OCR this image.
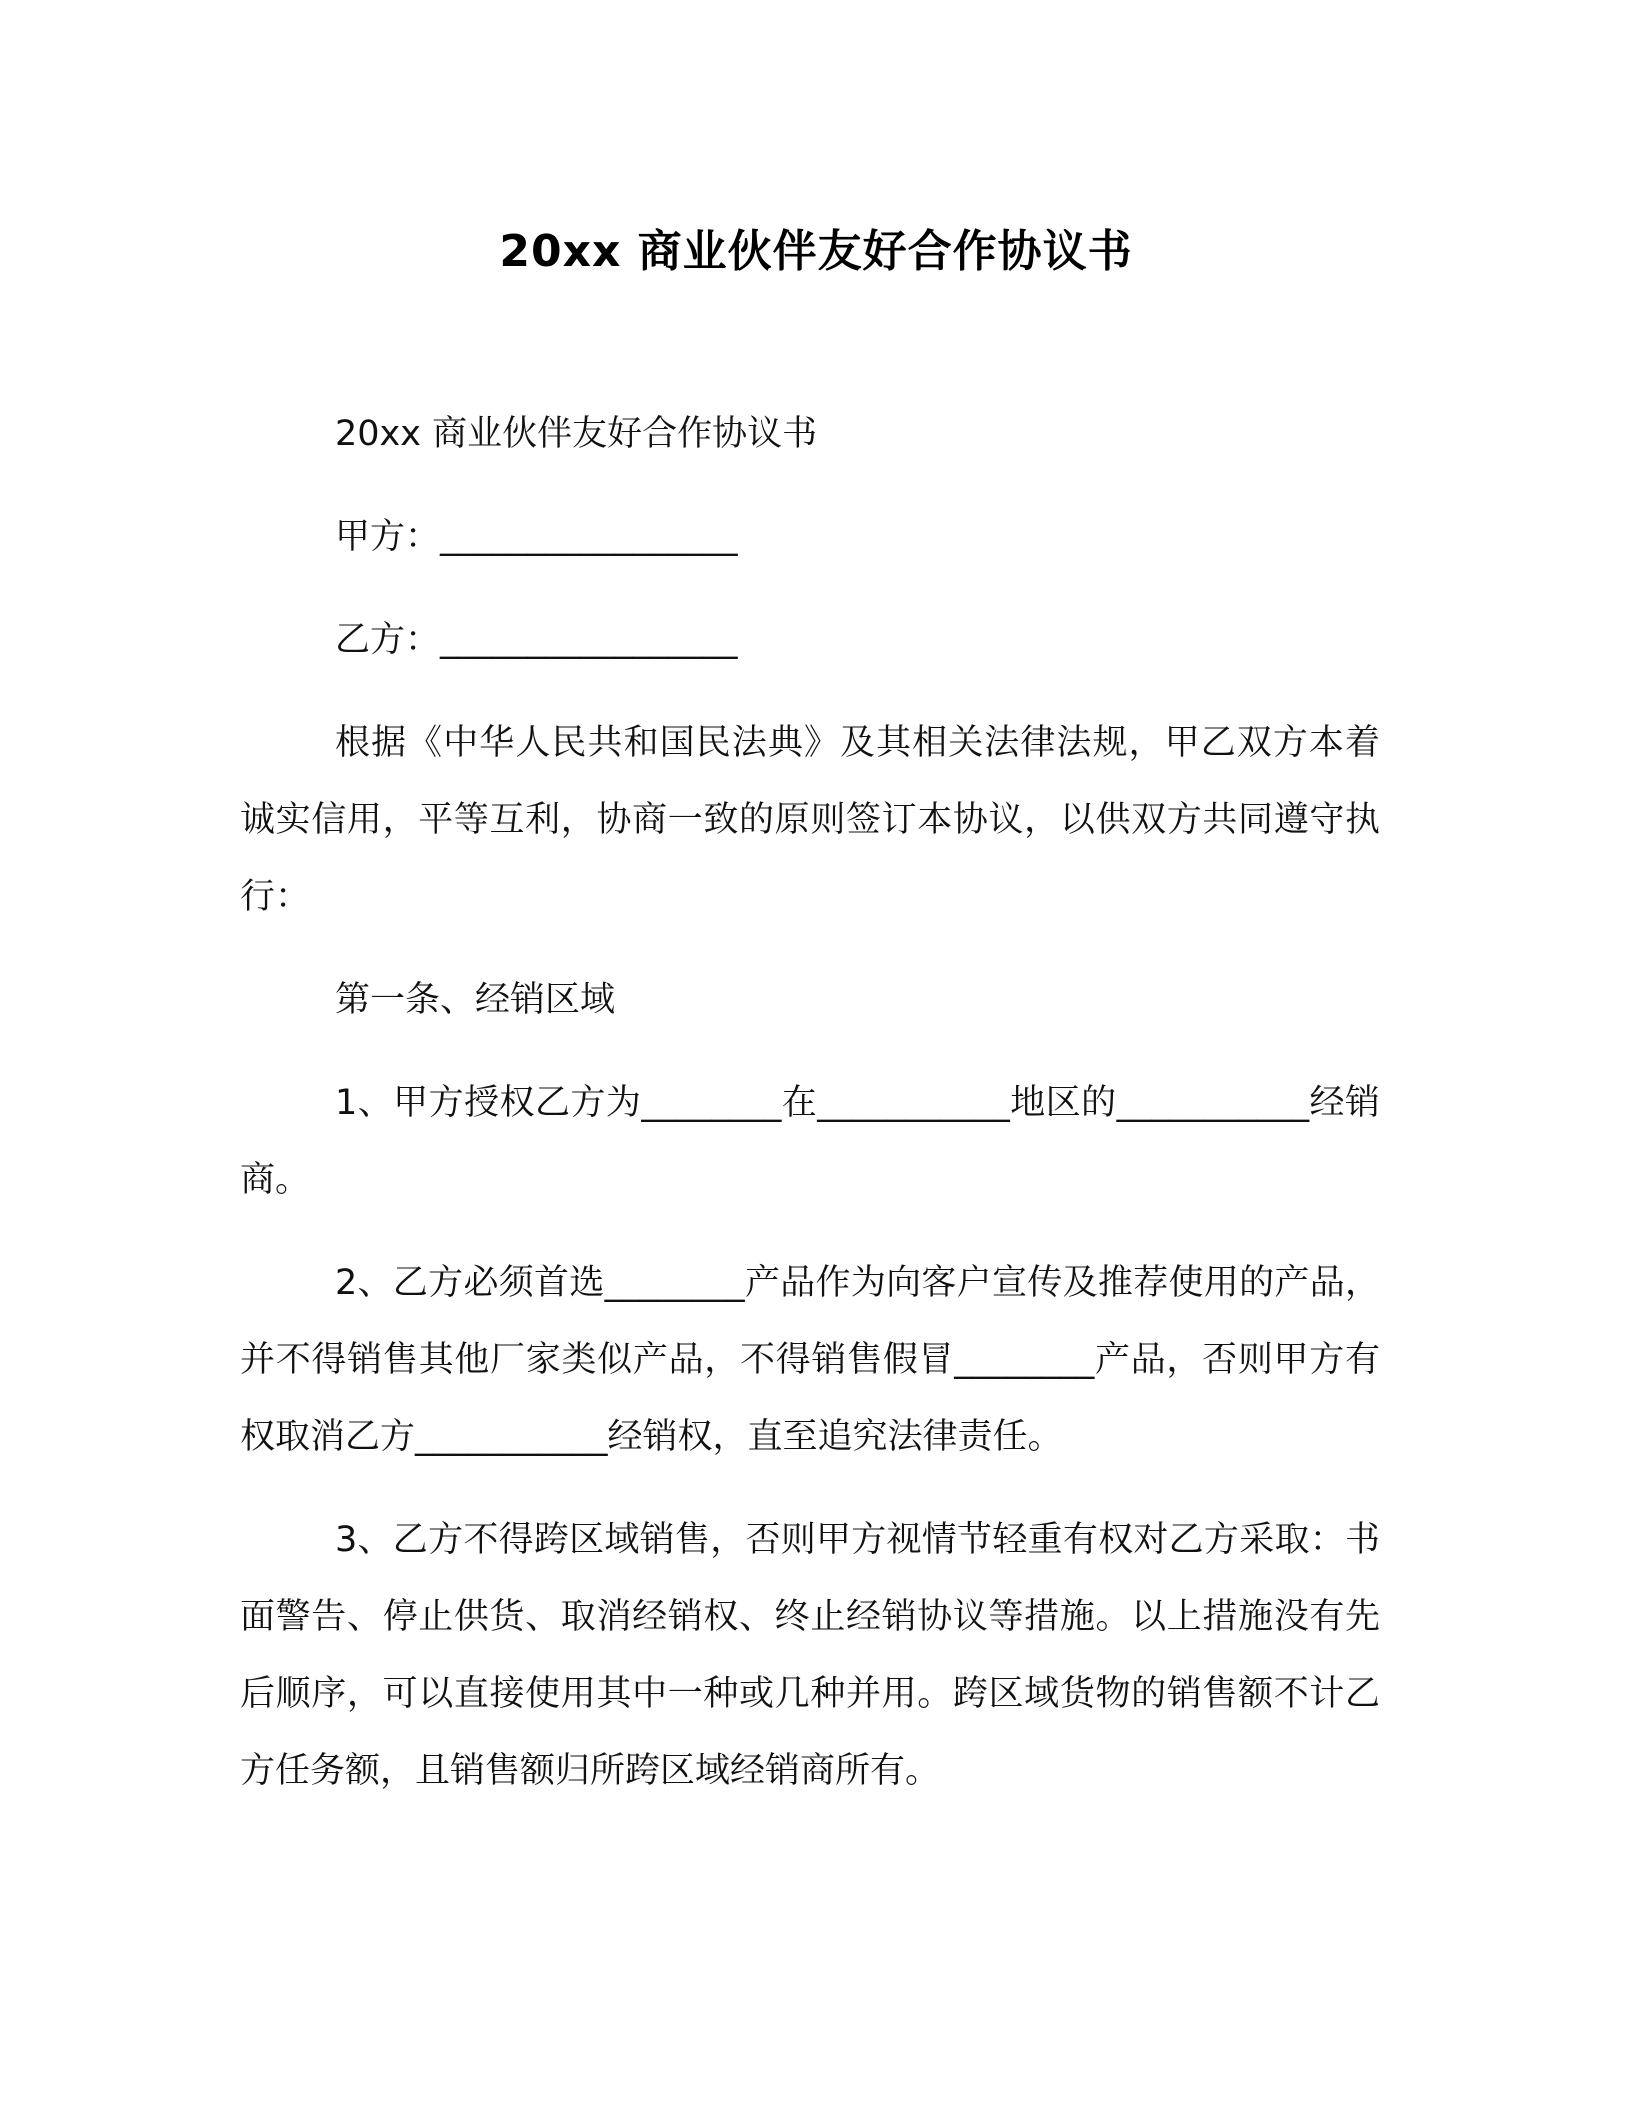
20xx 商业伙伴友好合作协议书

20xx 商业伙伴友好合作协议书

甲方：_________________

乙方：_________________

根据《中华人民共和国民法典》及其相关法律法规，甲乙双方本着诚实信用，平等互利，协商一致的原则签订本协议，以供双方共同遵守执行：

第一条、经销区域

1、甲方授权乙方为________在___________地区的___________经销商。

2、乙方必须首选________产品作为向客户宣传及推荐使用的产品，并不得销售其他厂家类似产品，不得销售假冒________产品，否则甲方有权取消乙方___________经销权，直至追究法律责任。

3、乙方不得跨区域销售，否则甲方视情节轻重有权对乙方采取：书面警告、停止供货、取消经销权、终止经销协议等措施。以上措施没有先后顺序，可以直接使用其中一种或几种并用。跨区域货物的销售额不计乙方任务额，且销售额归所跨区域经销商所有。
